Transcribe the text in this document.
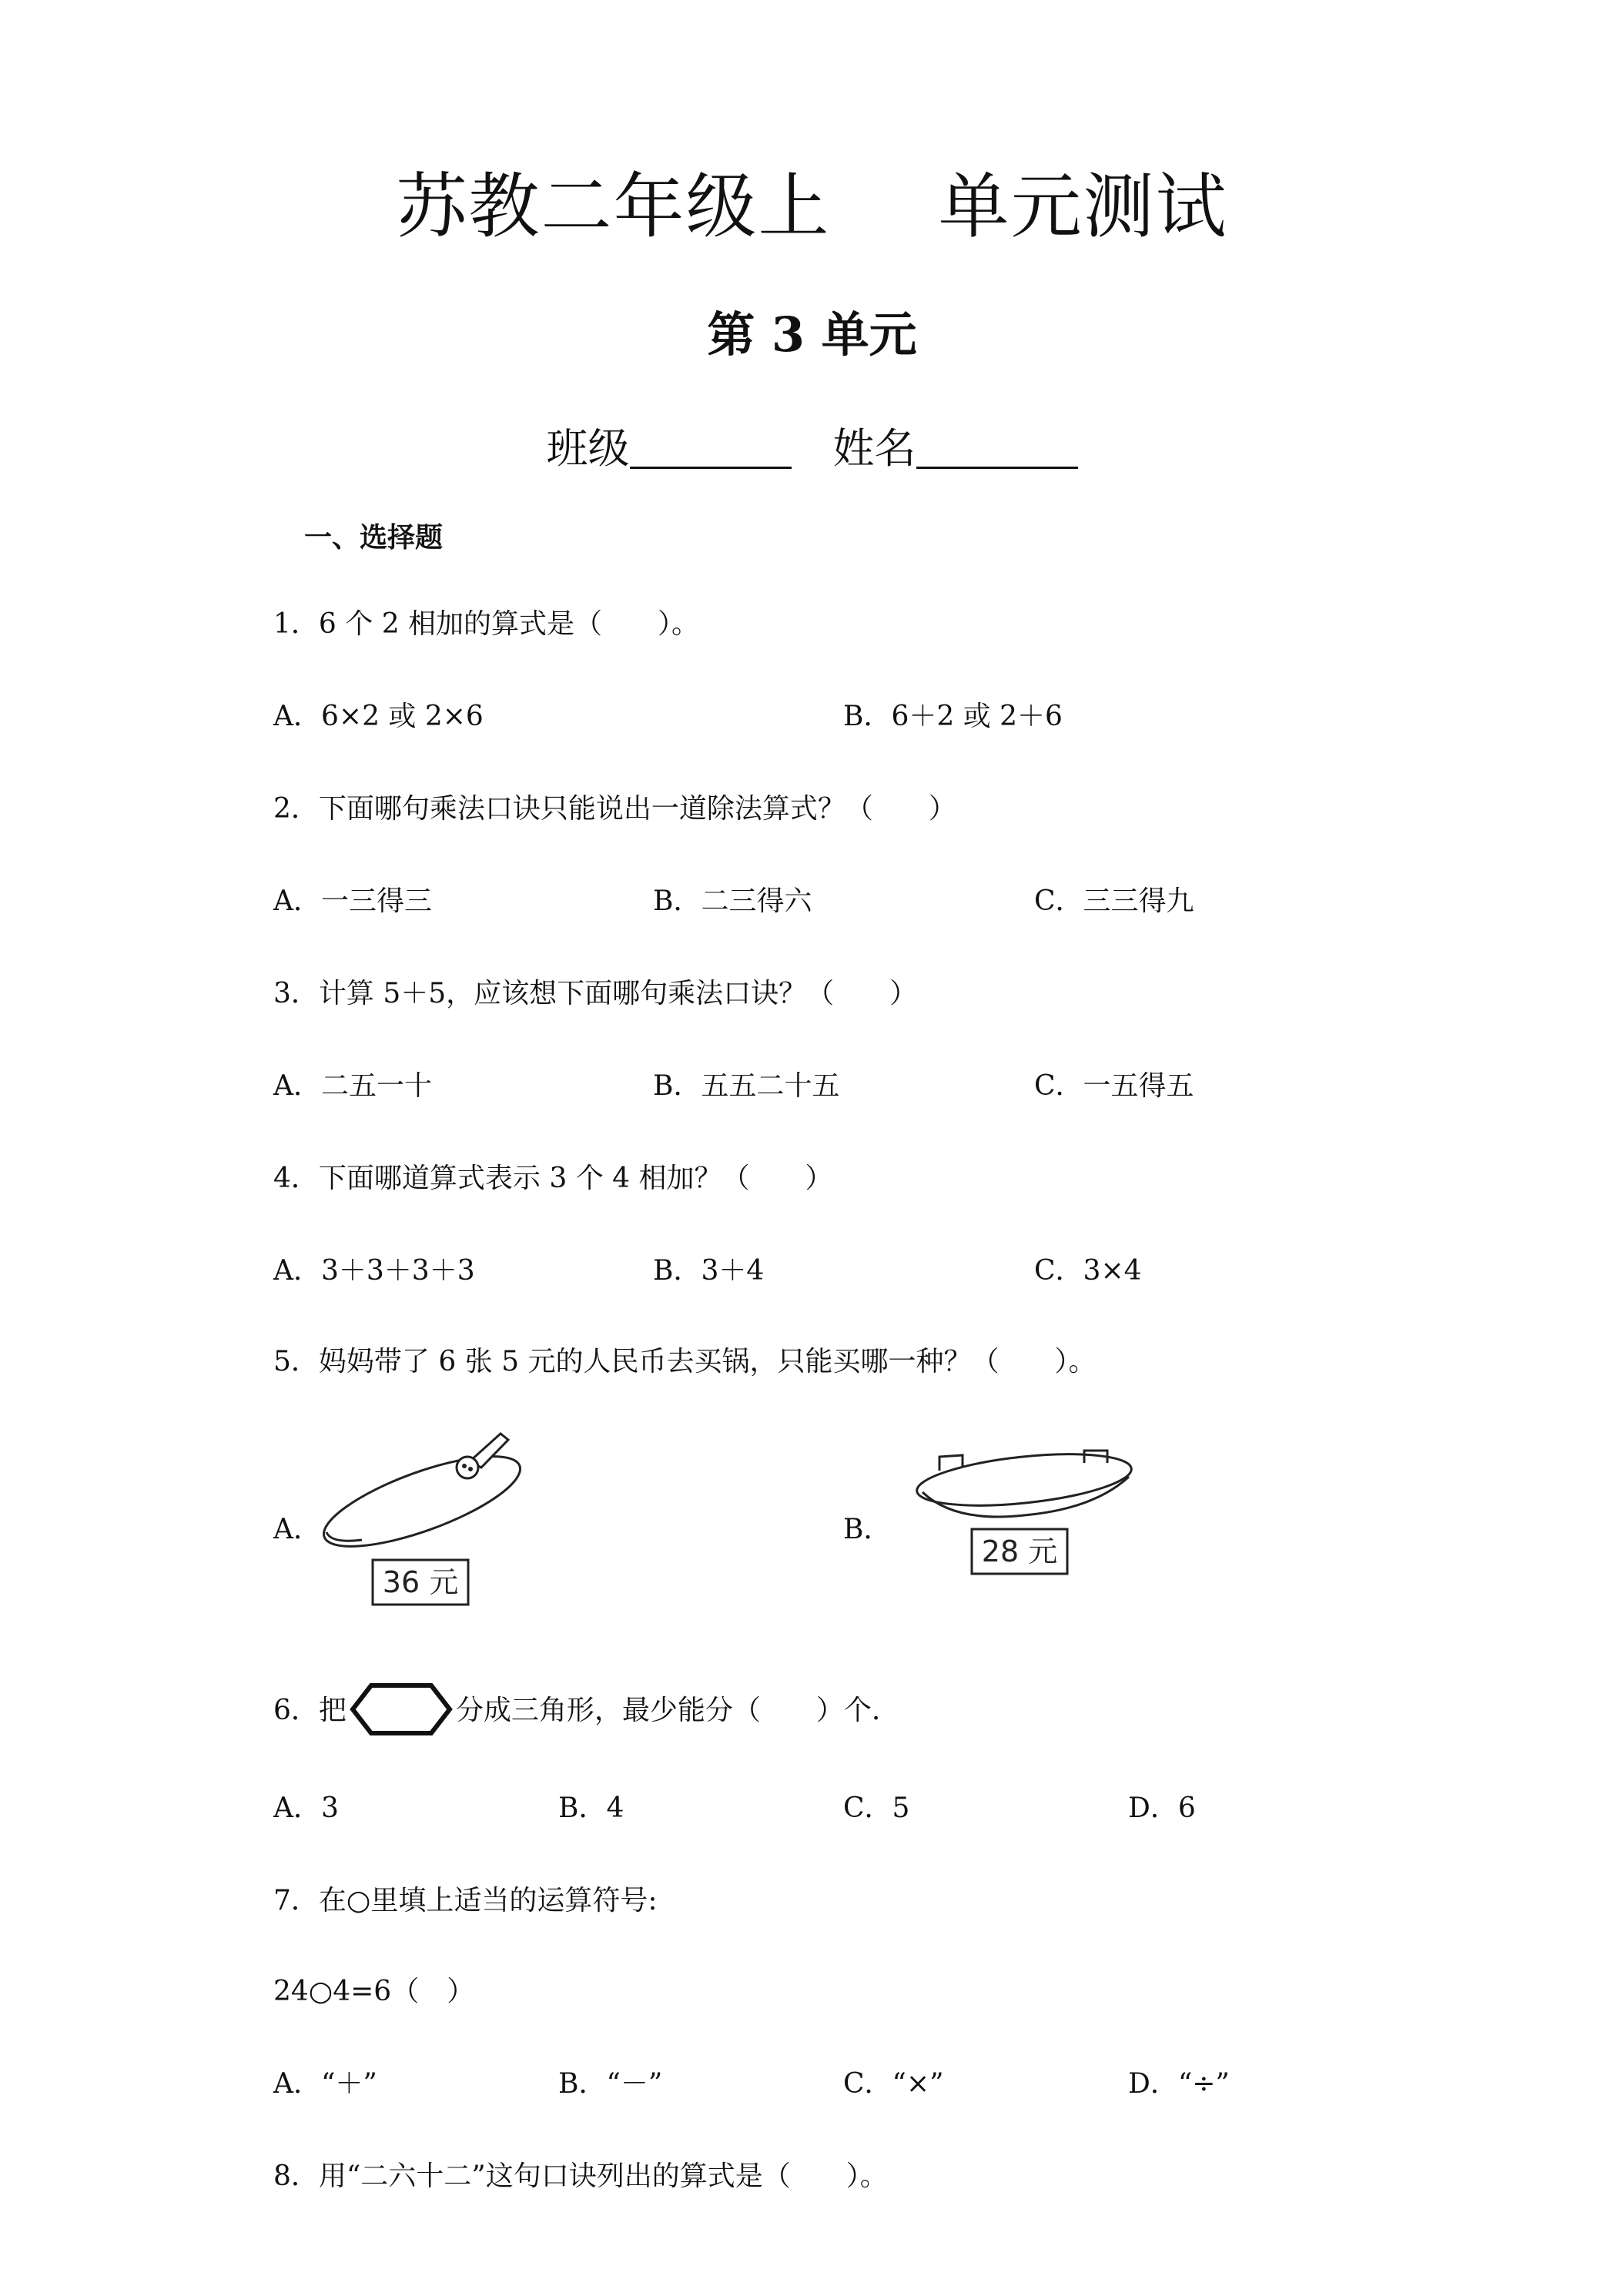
苏教二年级上 单元测试
第 3 单元
班级	姓名
一、选择题
1．6 个 2 相加的算式是（　　）。
A．6×2 或 2×6	B．6＋2 或 2＋6
2．下面哪句乘法口诀只能说出一道除法算式？（　　）
A．一三得三	B．二三得六	C．三三得九
3．计算 5＋5，应该想下面哪句乘法口诀？（　　）
A．二五一十	B．五五二十五	C．一五得五
4．下面哪道算式表示 3 个 4 相加？（　　）
A．3＋3＋3＋3	B．3＋4	C．3×4
5．妈妈带了 6 张 5 元的人民币去买锅，只能买哪一种？（　　）。
A．	B．
36 元
28 元
6．把	分成三角形，最少能分（　　）个.
A．3	B．4	C．5	D．6
7．在○里填上适当的运算符号:
24○4=6（　）
A．“＋”	B．“－”	C．“×”	D．“÷”
8．用“二六十二”这句口诀列出的算式是（　　）。
